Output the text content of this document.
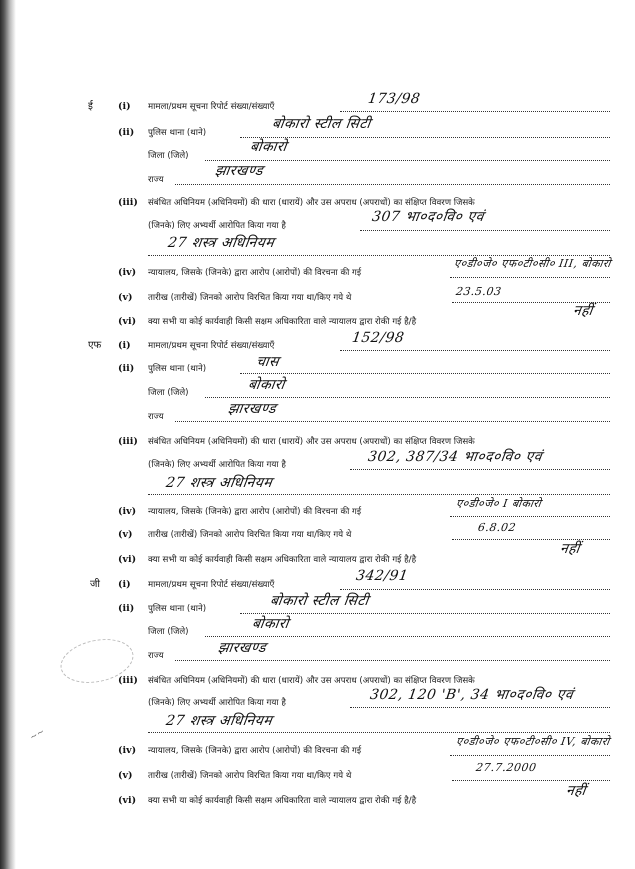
ई	(i) मामला/प्रथम सूचना रिपोर्ट संख्या/संख्याएँ	173/98
(ii) पुलिस थाना (थाने)
बोकारो स्टील सिटी
जिला (जिले)
बोकारो
राज्य
झारखण्ड
(iii) संबंधित अधिनियम (अधिनियमों) की धारा (धारायें) और उस अपराध (अपराधों) का संक्षिप्त विवरण जिसके
(जिनके) लिए अभ्यर्थी आरोपित किया गया है
307 भा०द०वि० एवं
27 शस्त्र अधिनियम
(iv) न्यायालय, जिसके (जिनके) द्वारा आरोप (आरोपों) की विरचना की गई
ए०डी०जे० एफ०टी०सी० III, बोकारो
(v) तारीख (तारीखें) जिनको आरोप विरचित किया गया था/किए गये थे	23.5.03
(vi) क्या सभी या कोई कार्यवाही किसी सक्षम अधिकारिता वाले न्यायालय द्वारा रोकी गई है/है
नहीं
एफ (i) मामला/प्रथम सूचना रिपोर्ट संख्या/संख्याएँ	152/98
(ii) पुलिस थाना (थाने)	चास
जिला (जिले)	बोकारो
राज्य	झारखण्ड
(iii) संबंधित अधिनियम (अधिनियमों) की धारा (धारायें) और उस अपराध (अपराधों) का संक्षिप्त विवरण जिसके
(जिनके) लिए अभ्यर्थी आरोपित किया गया है	302, 387/34 भा०द०वि० एवं
27 शस्त्र अधिनियम
(iv) न्यायालय, जिसके (जिनके) द्वारा आरोप (आरोपों) की विरचना की गई
ए०डी०जे० I बोकारो
(v) तारीख (तारीखें) जिनको आरोप विरचित किया गया था/किए गये थे
6.8.02
(vi) क्या सभी या कोई कार्यवाही किसी सक्षम अधिकारिता वाले न्यायालय द्वारा रोकी गई है/है
नहीं
जी (i) मामला/प्रथम सूचना रिपोर्ट संख्या/संख्याएँ
342/91
(ii) पुलिस थाना (थाने)	बोकारो स्टील सिटी
जिला (जिले)	बोकारो
राज्य	झारखण्ड
∼∼
(iii) संबंधित अधिनियम (अधिनियमों) की धारा (धारायें) और उस अपराध (अपराधों) का संक्षिप्त विवरण जिसके
(जिनके) लिए अभ्यर्थी आरोपित किया गया है	302, 120 'B', 34 भा०द०वि० एवं
27 शस्त्र अधिनियम
(iv) न्यायालय, जिसके (जिनके) द्वारा आरोप (आरोपों) की विरचना की गई
ए०डी०जे० एफ०टी०सी० IV, बोकारो
(v) तारीख (तारीखें) जिनको आरोप विरचित किया गया था/किए गये थे
27.7.2000
(vi) क्या सभी या कोई कार्यवाही किसी सक्षम अधिकारिता वाले न्यायालय द्वारा रोकी गई है/है
नहीं
